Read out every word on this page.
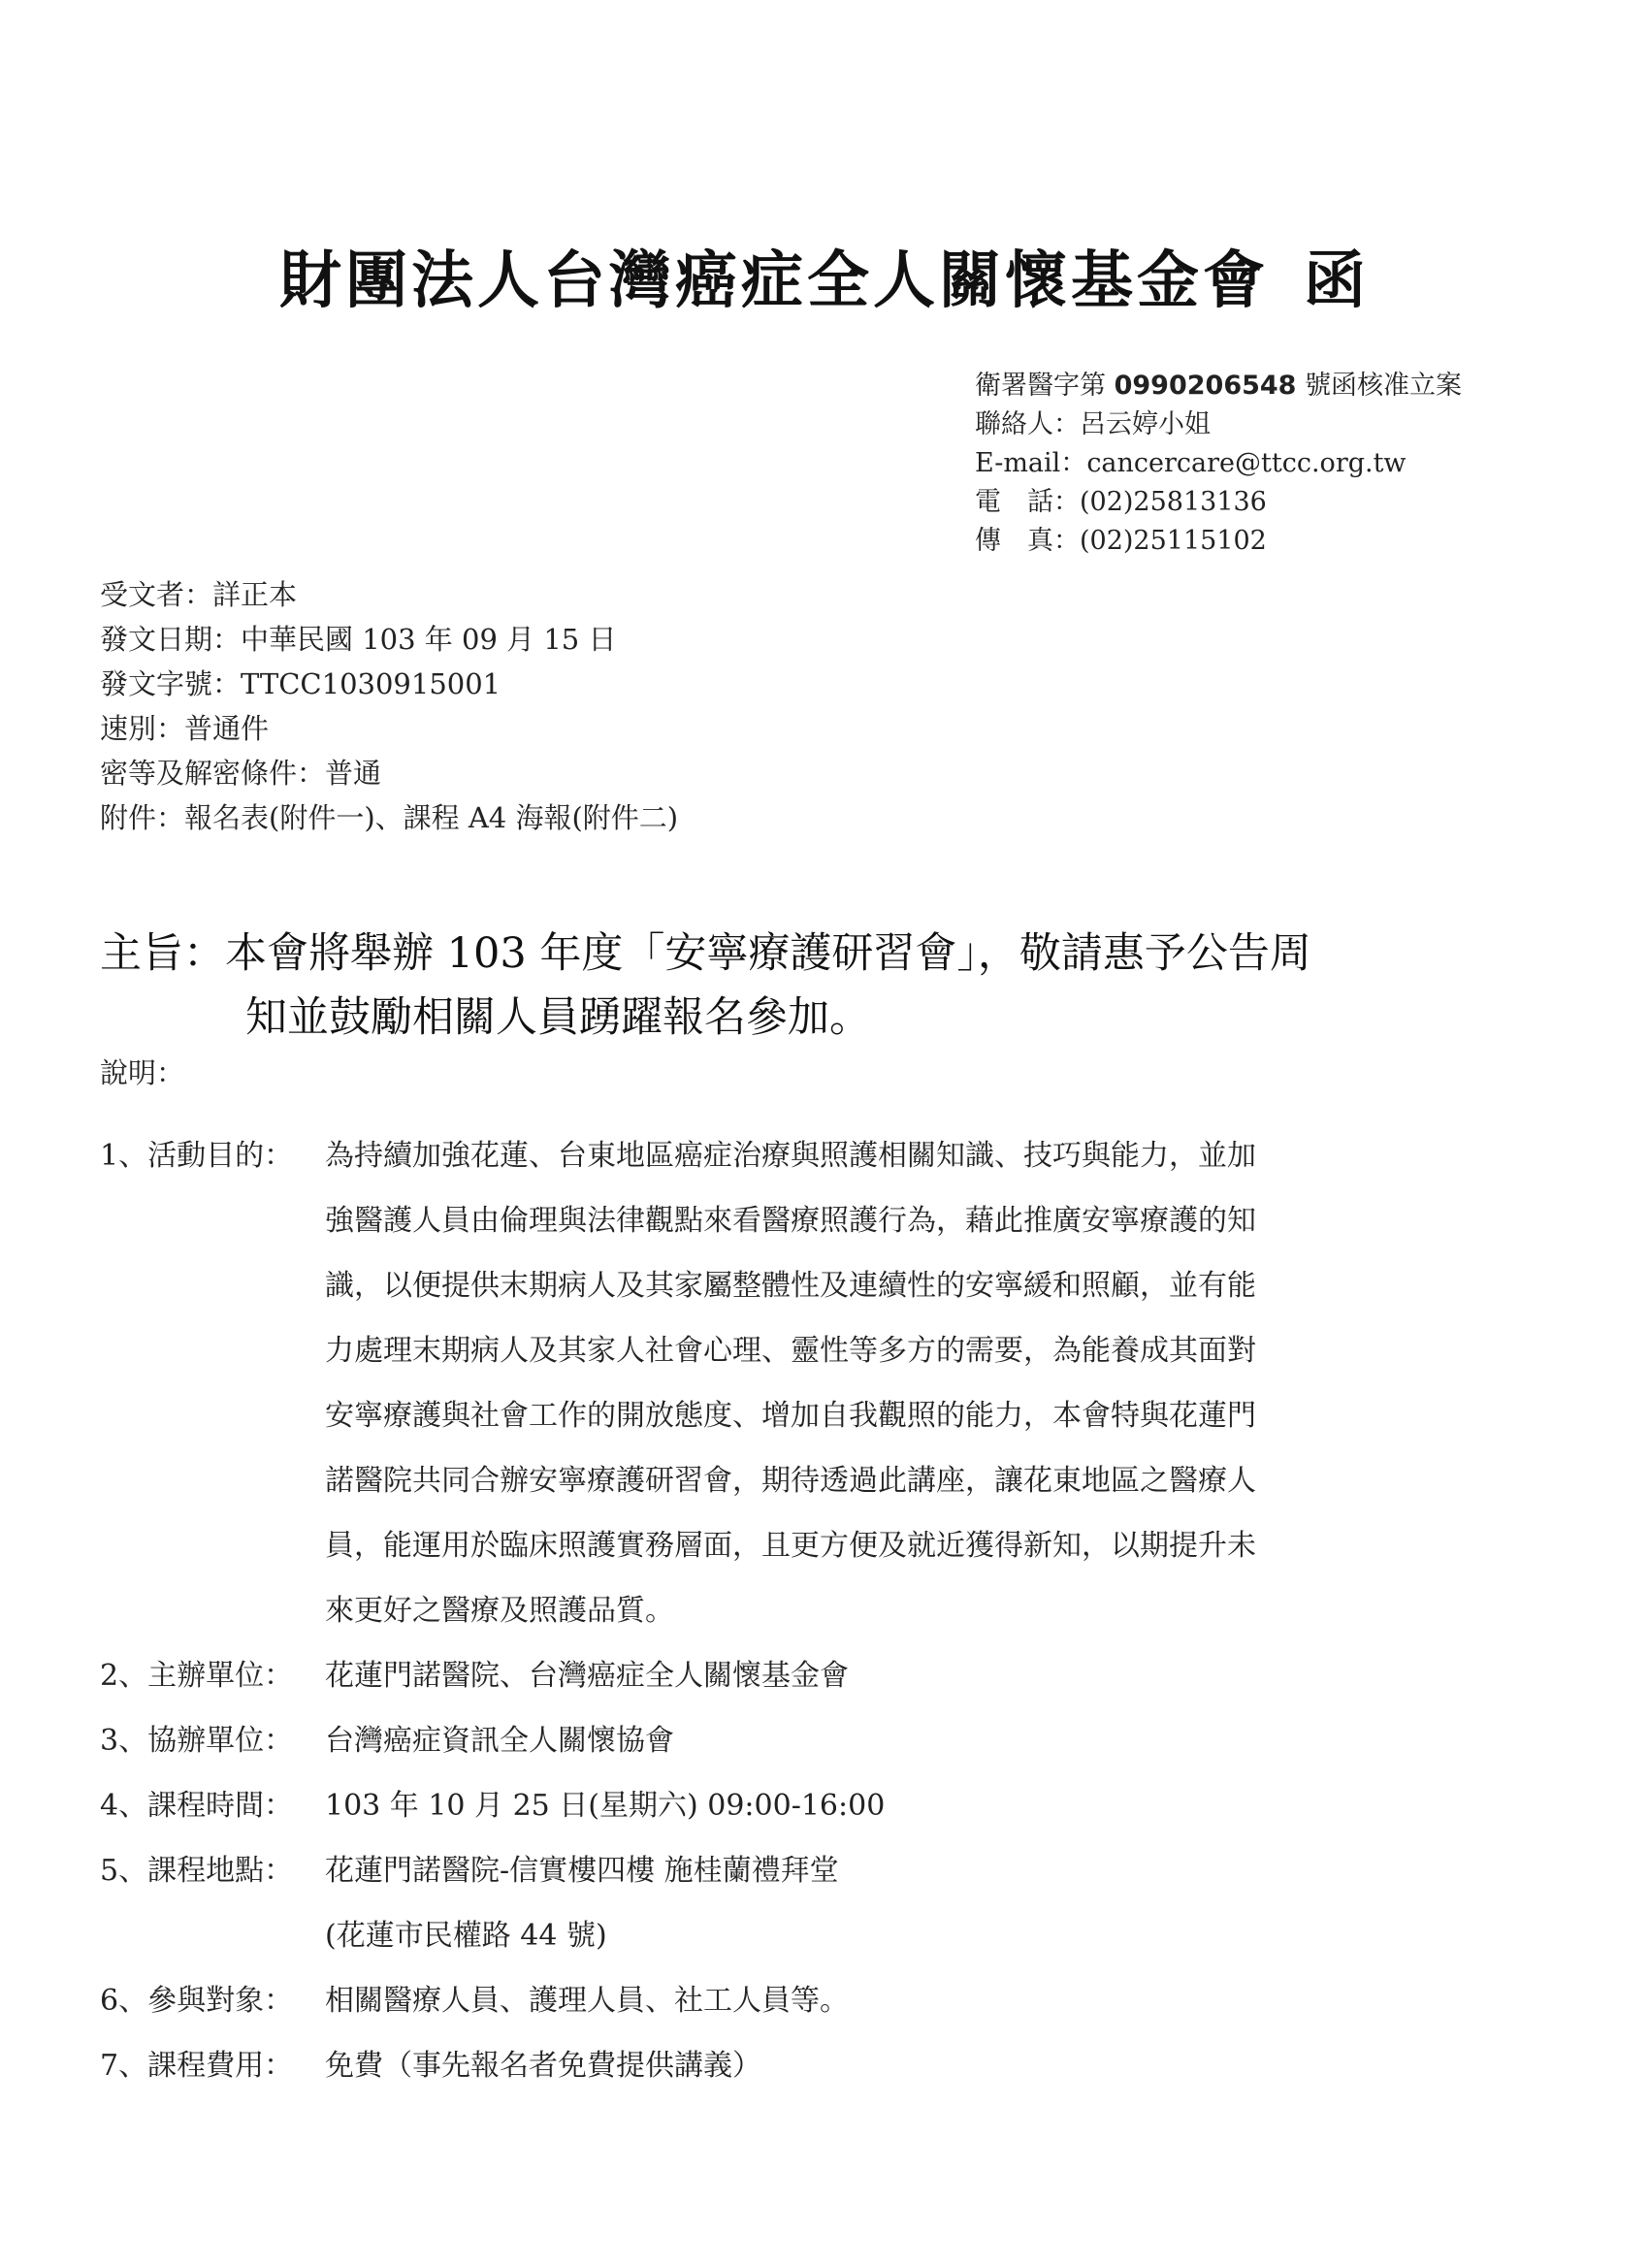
財團法人台灣癌症全人關懷基金會 函
衛署醫字第 0990206548 號函核准立案
聯絡人：呂云婷小姐
E-mail：cancercare@ttcc.org.tw
電　話：(02)25813136
傳　真：(02)25115102
受文者：詳正本
發文日期：中華民國 103 年 09 月 15 日
發文字號：TTCC1030915001
速別：普通件
密等及解密條件：普通
附件：報名表(附件一)、課程 A4 海報(附件二)
主旨：本會將舉辦 103 年度「安寧療護研習會」，敬請惠予公告周
知並鼓勵相關人員踴躍報名參加。
說明：
1、活動目的： 為持續加強花蓮、台東地區癌症治療與照護相關知識、技巧與能力，並加
強醫護人員由倫理與法律觀點來看醫療照護行為，藉此推廣安寧療護的知
識，以便提供末期病人及其家屬整體性及連續性的安寧緩和照顧，並有能
力處理末期病人及其家人社會心理、靈性等多方的需要，為能養成其面對
安寧療護與社會工作的開放態度、增加自我觀照的能力，本會特與花蓮門
諾醫院共同合辦安寧療護研習會，期待透過此講座，讓花東地區之醫療人
員，能運用於臨床照護實務層面，且更方便及就近獲得新知，以期提升未
來更好之醫療及照護品質。
2、主辦單位： 花蓮門諾醫院、台灣癌症全人關懷基金會
3、協辦單位： 台灣癌症資訊全人關懷協會
4、課程時間： 103 年 10 月 25 日(星期六) 09:00-16:00
5、課程地點： 花蓮門諾醫院-信實樓四樓 施桂蘭禮拜堂
(花蓮市民權路 44 號)
6、參與對象： 相關醫療人員、護理人員、社工人員等。
7、課程費用： 免費（事先報名者免費提供講義）
